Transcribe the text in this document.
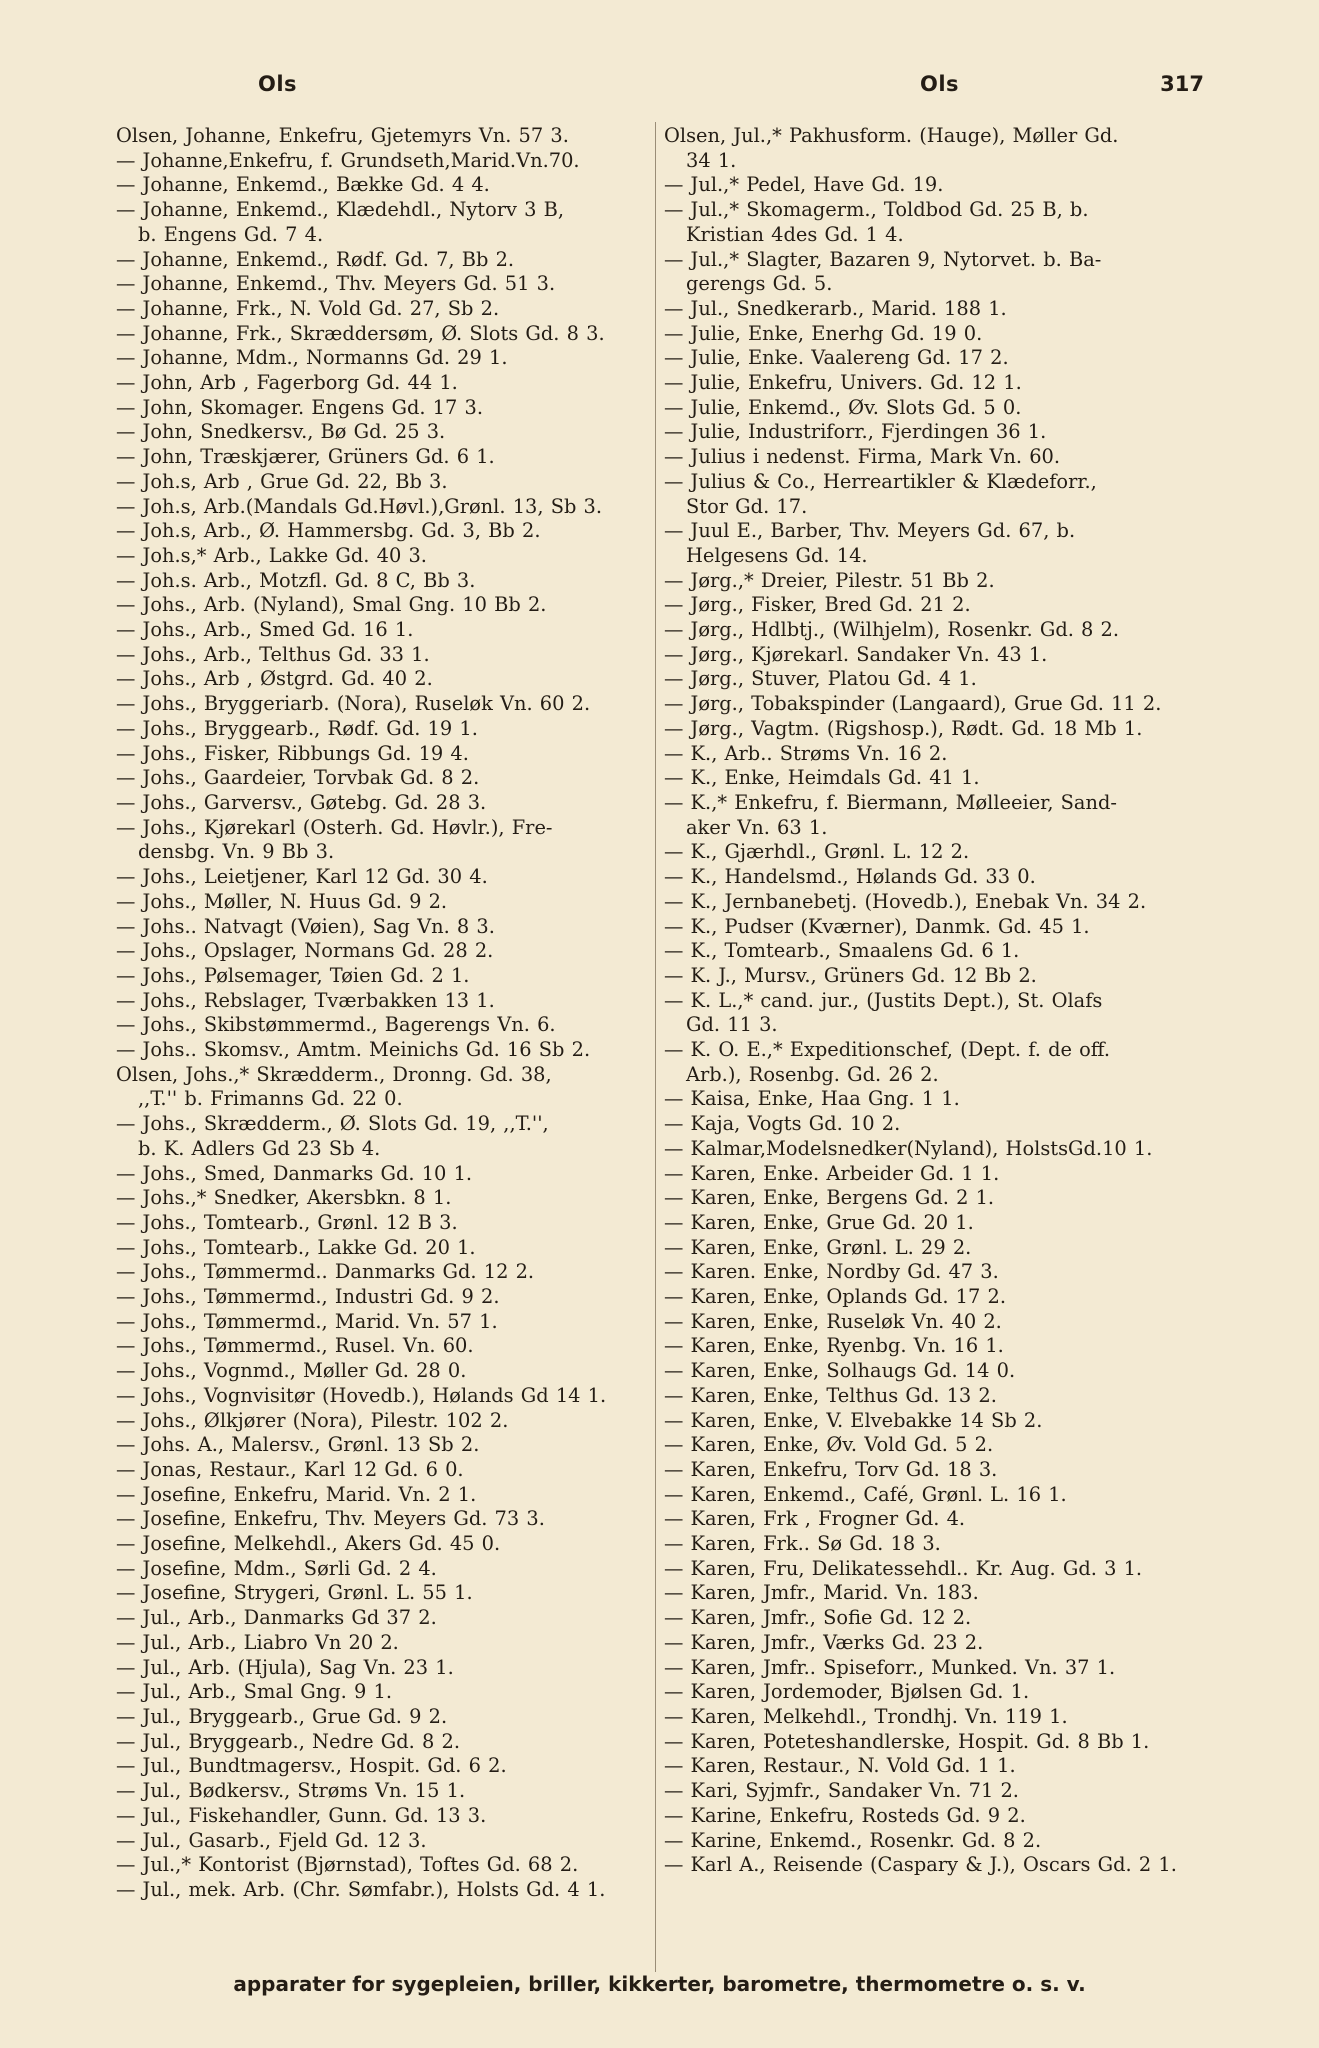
Ols	Ols	317

Olsen, Johanne, Enkefru, Gjetemyrs Vn. 57 3.

— Johanne,Enkefru, f. Grundseth,Marid.Vn.70.

— Johanne, Enkemd., Bække Gd. 4 4.

— Johanne, Enkemd., Klædehdl., Nytorv 3 B,
b. Engens Gd. 7 4.

— Johanne, Enkemd., Rødf. Gd. 7, Bb 2.

— Johanne, Enkemd., Thv. Meyers Gd. 51 3.

— Johanne, Frk., N. Vold Gd. 27, Sb 2.

— Johanne, Frk., Skræddersøm, Ø. Slots Gd. 8 3.

— Johanne, Mdm., Normanns Gd. 29 1.

— John, Arb , Fagerborg Gd. 44 1.

— John, Skomager. Engens Gd. 17 3.

— John, Snedkersv., Bø Gd. 25 3.

— John, Træskjærer, Grüners Gd. 6 1.

— Joh.s, Arb , Grue Gd. 22, Bb 3.

— Joh.s, Arb.(Mandals Gd.Høvl.),Grønl. 13, Sb 3.

— Joh.s, Arb., Ø. Hammersbg. Gd. 3, Bb 2.

— Joh.s,* Arb., Lakke Gd. 40 3.

— Joh.s. Arb., Motzfl. Gd. 8 C, Bb 3.

— Johs., Arb. (Nyland), Smal Gng. 10 Bb 2.

— Johs., Arb., Smed Gd. 16 1.

— Johs., Arb., Telthus Gd. 33 1.

— Johs., Arb , Østgrd. Gd. 40 2.

— Johs., Bryggeriarb. (Nora), Ruseløk Vn. 60 2.

— Johs., Bryggearb., Rødf. Gd. 19 1.

— Johs., Fisker, Ribbungs Gd. 19 4.

— Johs., Gaardeier, Torvbak Gd. 8 2.

— Johs., Garversv., Gøtebg. Gd. 28 3.

— Johs., Kjørekarl (Osterh. Gd. Høvlr.), Fre-
densbg. Vn. 9 Bb 3.

— Johs., Leietjener, Karl 12 Gd. 30 4.

— Johs., Møller, N. Huus Gd. 9 2.

— Johs.. Natvagt (Vøien), Sag Vn. 8 3.

— Johs., Opslager, Normans Gd. 28 2.

— Johs., Pølsemager, Tøien Gd. 2 1.

— Johs., Rebslager, Tværbakken 13 1.

— Johs., Skibstømmermd., Bagerengs Vn. 6.

— Johs.. Skomsv., Amtm. Meinichs Gd. 16 Sb 2.

Olsen, Johs.,* Skrædderm., Dronng. Gd. 38,
,,T.'' b. Frimanns Gd. 22 0.

— Johs., Skrædderm., Ø. Slots Gd. 19, ,,T.'',
b. K. Adlers Gd 23 Sb 4.

— Johs., Smed, Danmarks Gd. 10 1.

— Johs.,* Snedker, Akersbkn. 8 1.

— Johs., Tomtearb., Grønl. 12 B 3.

— Johs., Tomtearb., Lakke Gd. 20 1.

— Johs., Tømmermd.. Danmarks Gd. 12 2.

— Johs., Tømmermd., Industri Gd. 9 2.

— Johs., Tømmermd., Marid. Vn. 57 1.

— Johs., Tømmermd., Rusel. Vn. 60.

— Johs., Vognmd., Møller Gd. 28 0.

— Johs., Vognvisitør (Hovedb.), Hølands Gd 14 1.

— Johs., Ølkjører (Nora), Pilestr. 102 2.

— Johs. A., Malersv., Grønl. 13 Sb 2.

— Jonas, Restaur., Karl 12 Gd. 6 0.

— Josefine, Enkefru, Marid. Vn. 2 1.

— Josefine, Enkefru, Thv. Meyers Gd. 73 3.

— Josefine, Melkehdl., Akers Gd. 45 0.

— Josefine, Mdm., Sørli Gd. 2 4.

— Josefine, Strygeri, Grønl. L. 55 1.

— Jul., Arb., Danmarks Gd 37 2.

— Jul., Arb., Liabro Vn 20 2.

— Jul., Arb. (Hjula), Sag Vn. 23 1.

— Jul., Arb., Smal Gng. 9 1.

— Jul., Bryggearb., Grue Gd. 9 2.

— Jul., Bryggearb., Nedre Gd. 8 2.

— Jul., Bundtmagersv., Hospit. Gd. 6 2.

— Jul., Bødkersv., Strøms Vn. 15 1.

— Jul., Fiskehandler, Gunn. Gd. 13 3.

— Jul., Gasarb., Fjeld Gd. 12 3.

— Jul.,* Kontorist (Bjørnstad), Toftes Gd. 68 2.

— Jul., mek. Arb. (Chr. Sømfabr.), Holsts Gd. 4 1.

Olsen, Jul.,* Pakhusform. (Hauge), Møller Gd.
34 1.

— Jul.,* Pedel, Have Gd. 19.

— Jul.,* Skomagerm., Toldbod Gd. 25 B, b.
Kristian 4des Gd. 1 4.

— Jul.,* Slagter, Bazaren 9, Nytorvet. b. Ba-
gerengs Gd. 5.

— Jul., Snedkerarb., Marid. 188 1.

— Julie, Enke, Enerhg Gd. 19 0.

— Julie, Enke. Vaalereng Gd. 17 2.

— Julie, Enkefru, Univers. Gd. 12 1.

— Julie, Enkemd., Øv. Slots Gd. 5 0.

— Julie, Industriforr., Fjerdingen 36 1.

— Julius i nedenst. Firma, Mark Vn. 60.

— Julius & Co., Herreartikler & Klædeforr.,
Stor Gd. 17.

— Juul E., Barber, Thv. Meyers Gd. 67, b.
Helgesens Gd. 14.

— Jørg.,* Dreier, Pilestr. 51 Bb 2.

— Jørg., Fisker, Bred Gd. 21 2.

— Jørg., Hdlbtj., (Wilhjelm), Rosenkr. Gd. 8 2.

— Jørg., Kjørekarl. Sandaker Vn. 43 1.

— Jørg., Stuver, Platou Gd. 4 1.

— Jørg., Tobakspinder (Langaard), Grue Gd. 11 2.

— Jørg., Vagtm. (Rigshosp.), Rødt. Gd. 18 Mb 1.

— K., Arb.. Strøms Vn. 16 2.

— K., Enke, Heimdals Gd. 41 1.

— K.,* Enkefru, f. Biermann, Mølleeier, Sand-
aker Vn. 63 1.

— K., Gjærhdl., Grønl. L. 12 2.

— K., Handelsmd., Hølands Gd. 33 0.

— K., Jernbanebetj. (Hovedb.), Enebak Vn. 34 2.

— K., Pudser (Kværner), Danmk. Gd. 45 1.

— K., Tomtearb., Smaalens Gd. 6 1.

— K. J., Mursv., Grüners Gd. 12 Bb 2.

— K. L.,* cand. jur., (Justits Dept.), St. Olafs
Gd. 11 3.

— K. O. E.,* Expeditionschef, (Dept. f. de off.
Arb.), Rosenbg. Gd. 26 2.

— Kaisa, Enke, Haa Gng. 1 1.

— Kaja, Vogts Gd. 10 2.

— Kalmar,Modelsnedker(Nyland), HolstsGd.10 1.

— Karen, Enke. Arbeider Gd. 1 1.

— Karen, Enke, Bergens Gd. 2 1.

— Karen, Enke, Grue Gd. 20 1.

— Karen, Enke, Grønl. L. 29 2.

— Karen. Enke, Nordby Gd. 47 3.

— Karen, Enke, Oplands Gd. 17 2.

— Karen, Enke, Ruseløk Vn. 40 2.

— Karen, Enke, Ryenbg. Vn. 16 1.

— Karen, Enke, Solhaugs Gd. 14 0.

— Karen, Enke, Telthus Gd. 13 2.

— Karen, Enke, V. Elvebakke 14 Sb 2.

— Karen, Enke, Øv. Vold Gd. 5 2.

— Karen, Enkefru, Torv Gd. 18 3.

— Karen, Enkemd., Café, Grønl. L. 16 1.

— Karen, Frk , Frogner Gd. 4.

— Karen, Frk.. Sø Gd. 18 3.

— Karen, Fru, Delikatessehdl.. Kr. Aug. Gd. 3 1.

— Karen, Jmfr., Marid. Vn. 183.

— Karen, Jmfr., Sofie Gd. 12 2.

— Karen, Jmfr., Værks Gd. 23 2.

— Karen, Jmfr.. Spiseforr., Munked. Vn. 37 1.

— Karen, Jordemoder, Bjølsen Gd. 1.

— Karen, Melkehdl., Trondhj. Vn. 119 1.

— Karen, Poteteshandlerske, Hospit. Gd. 8 Bb 1.

— Karen, Restaur., N. Vold Gd. 1 1.

— Kari, Syjmfr., Sandaker Vn. 71 2.

— Karine, Enkefru, Rosteds Gd. 9 2.

— Karine, Enkemd., Rosenkr. Gd. 8 2.

— Karl A., Reisende (Caspary & J.), Oscars Gd. 2 1.

apparater for sygepleien, briller, kikkerter, barometre, thermometre o. s. v.
